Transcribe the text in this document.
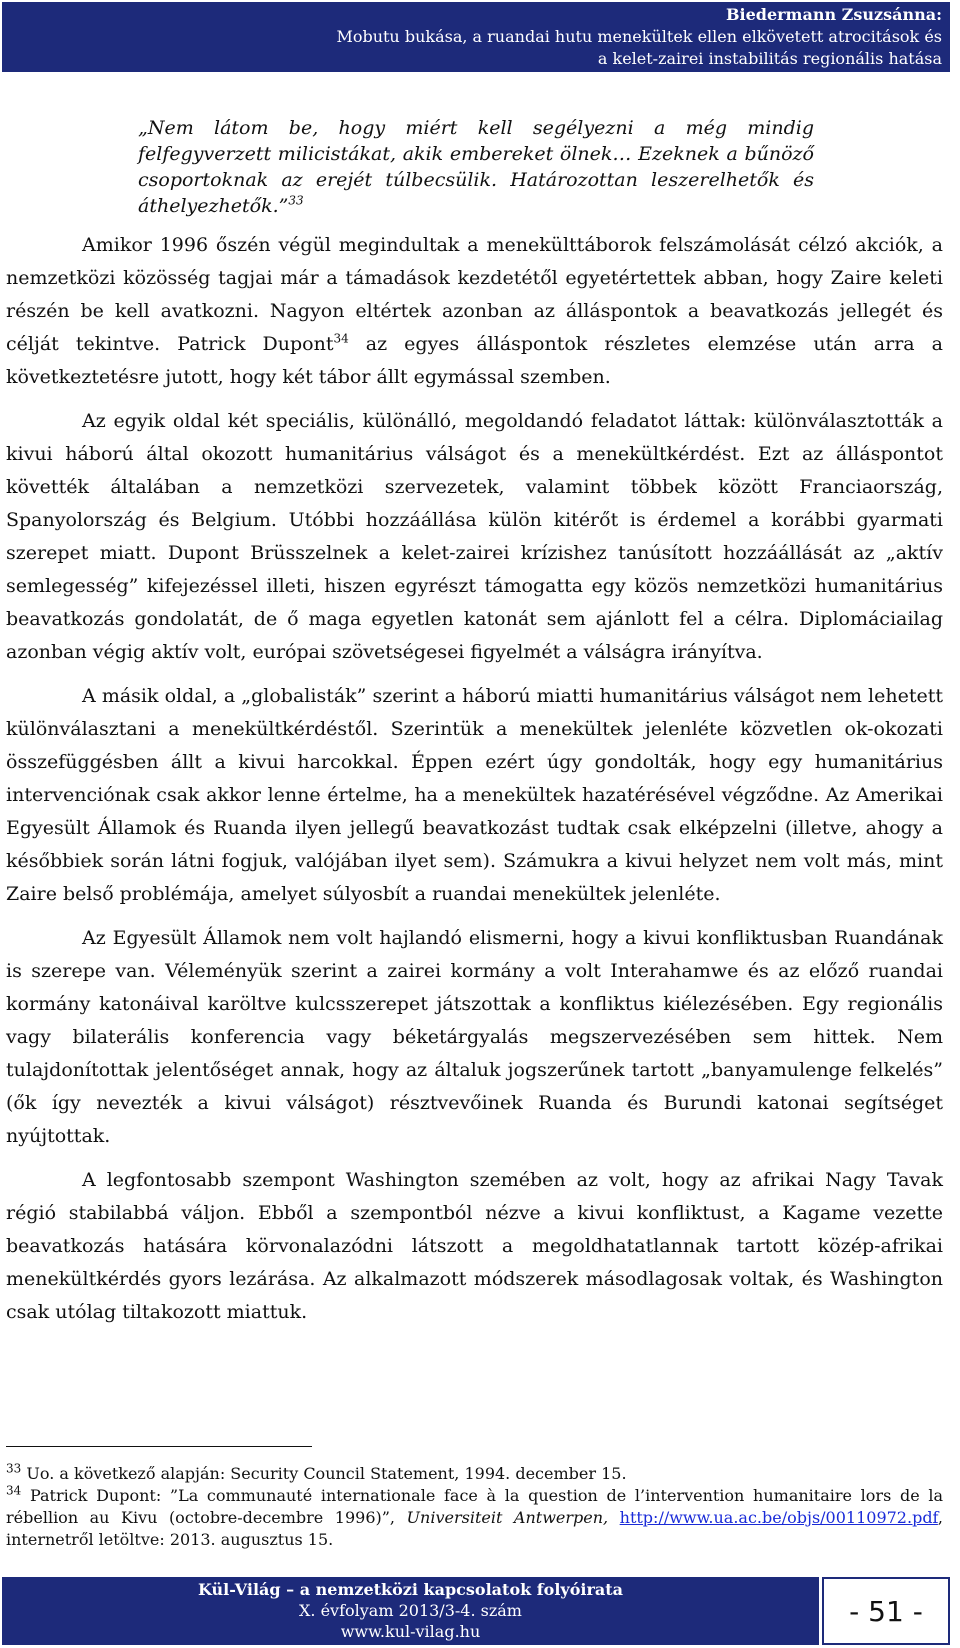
Biedermann Zsuzsánna:
Mobutu bukása, a ruandai hutu menekültek ellen elkövetett atrocitások és
a kelet-zairei instabilitás regionális hatása
„Nem látom be, hogy miért kell segélyezni a még mindig felfegyverzett milicistákat, akik embereket ölnek… Ezeknek a bűnöző csoportoknak az erejét túlbecsülik. Határozottan leszerelhetők és áthelyezhetők.”$^{33}$

Amikor 1996 őszén végül megindultak a menekülttáborok felszámolását célzó akciók, a nemzetközi közösség tagjai már a támadások kezdetétől egyetértettek abban, hogy Zaire keleti részén be kell avatkozni. Nagyon eltértek azonban az álláspontok a beavatkozás jellegét és célját tekintve. Patrick Dupont$^{34}$ az egyes álláspontok részletes elemzése után arra a következtetésre jutott, hogy két tábor állt egymással szemben.

Az egyik oldal két speciális, különálló, megoldandó feladatot láttak: különválasztották a kivui háború által okozott humanitárius válságot és a menekültkérdést. Ezt az álláspontot követték általában a nemzetközi szervezetek, valamint többek között Franciaország, Spanyolország és Belgium. Utóbbi hozzáállása külön kitérőt is érdemel a korábbi gyarmati szerepet miatt. Dupont Brüsszelnek a kelet-zairei krízishez tanúsított hozzáállását az „aktív semlegesség” kifejezéssel illeti, hiszen egyrészt támogatta egy közös nemzetközi humanitárius beavatkozás gondolatát, de ő maga egyetlen katonát sem ajánlott fel a célra. Diplomáciailag azonban végig aktív volt, európai szövetségesei figyelmét a válságra irányítva.

A másik oldal, a „globalisták” szerint a háború miatti humanitárius válságot nem lehetett különválasztani a menekültkérdéstől. Szerintük a menekültek jelenléte közvetlen ok-okozati összefüggésben állt a kivui harcokkal. Éppen ezért úgy gondolták, hogy egy humanitárius intervenciónak csak akkor lenne értelme, ha a menekültek hazatérésével végződne. Az Amerikai Egyesült Államok és Ruanda ilyen jellegű beavatkozást tudtak csak elképzelni (illetve, ahogy a későbbiek során látni fogjuk, valójában ilyet sem). Számukra a kivui helyzet nem volt más, mint Zaire belső problémája, amelyet súlyosbít a ruandai menekültek jelenléte.

Az Egyesült Államok nem volt hajlandó elismerni, hogy a kivui konfliktusban Ruandának is szerepe van. Véleményük szerint a zairei kormány a volt Interahamwe és az előző ruandai kormány katonáival karöltve kulcsszerepet játszottak a konfliktus kiélezésében. Egy regionális vagy bilaterális konferencia vagy béketárgyalás megszervezésében sem hittek. Nem tulajdonítottak jelentőséget annak, hogy az általuk jogszerűnek tartott „banyamulenge felkelés” (ők így nevezték a kivui válságot) résztvevőinek Ruanda és Burundi katonai segítséget nyújtottak.

A legfontosabb szempont Washington szemében az volt, hogy az afrikai Nagy Tavak régió stabilabbá váljon. Ebből a szempontból nézve a kivui konfliktust, a Kagame vezette beavatkozás hatására körvonalazódni látszott a megoldhatatlannak tartott közép-afrikai menekültkérdés gyors lezárása. Az alkalmazott módszerek másodlagosak voltak, és Washington csak utólag tiltakozott miattuk.

$^{33}$ Uo. a következő alapján: Security Council Statement, 1994. december 15.
$^{34}$ Patrick Dupont: ”La communauté internationale face à la question de l’intervention humanitaire lors de la rébellion au Kivu (octobre-decembre 1996)”, Universiteit Antwerpen, http://www.ua.ac.be/objs/00110972.pdf, internetről letöltve: 2013. augusztus 15.
Kül-Világ – a nemzetközi kapcsolatok folyóirata
X. évfolyam 2013/3-4. szám
www.kul-vilag.hu
- 51 -
